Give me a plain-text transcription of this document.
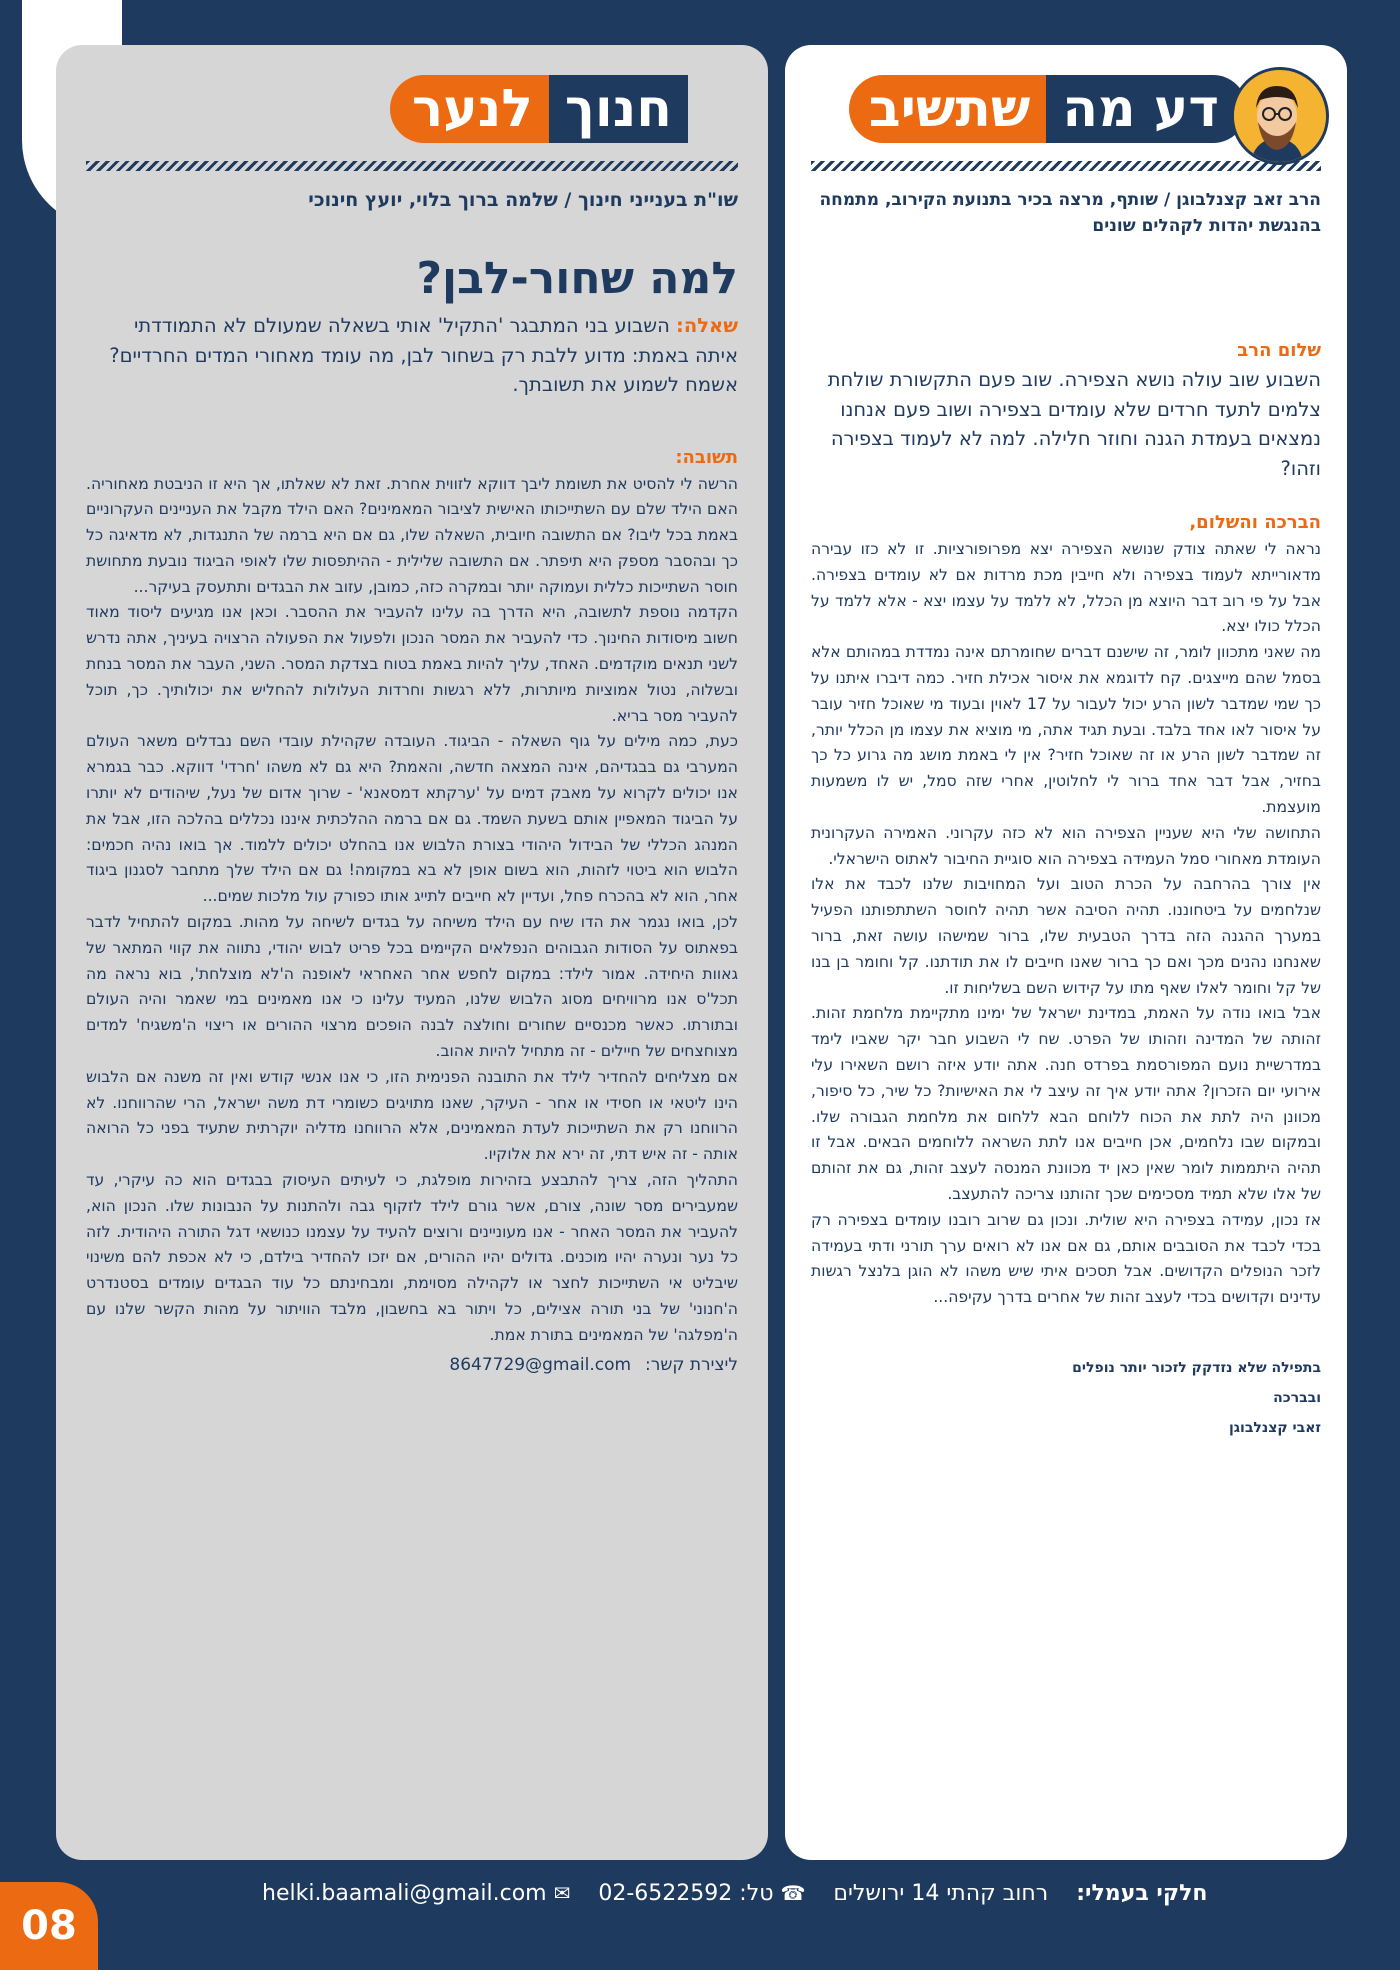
דע מה
שתשיב
הרב זאב קצנלבוגן / שותף, מרצה בכיר בתנועת הקירוב, מתמחה בהנגשת יהדות לקהלים שונים
שלום הרב
השבוע שוב עולה נושא הצפירה. שוב פעם התקשורת שולחת צלמים לתעד חרדים שלא עומדים בצפירה ושוב פעם אנחנו נמצאים בעמדת הגנה וחוזר חלילה. למה לא לעמוד בצפירה וזהו?
הברכה והשלום,

נראה לי שאתה צודק שנושא הצפירה יצא מפרופורציות. זו לא כזו עבירה מדאורייתא לעמוד בצפירה ולא חייבין מכת מרדות אם לא עומדים בצפירה. אבל על פי רוב דבר היוצא מן הכלל, לא ללמד על עצמו יצא - אלא ללמד על הכלל כולו יצא.

מה שאני מתכוון לומר, זה שישנם דברים שחומרתם אינה נמדדת במהותם אלא בסמל שהם מייצגים. קח לדוגמא את איסור אכילת חזיר. כמה דיברו איתנו על כך שמי שמדבר לשון הרע יכול לעבור על 17 לאוין ובעוד מי שאוכל חזיר עובר על איסור לאו אחד בלבד. ובעת תגיד אתה, מי מוציא את עצמו מן הכלל יותר, זה שמדבר לשון הרע או זה שאוכל חזיר? אין לי באמת מושג מה גרוע כל כך בחזיר, אבל דבר אחד ברור לי לחלוטין, אחרי שזה סמל, יש לו משמעות מועצמת.

התחושה שלי היא שעניין הצפירה הוא לא כזה עקרוני. האמירה העקרונית העומדת מאחורי סמל העמידה בצפירה הוא סוגיית החיבור לאתוס הישראלי.

אין צורך בהרחבה על הכרת הטוב ועל המחויבות שלנו לכבד את אלו שנלחמים על ביטחוננו. תהיה הסיבה אשר תהיה לחוסר השתתפותנו הפעיל במערך ההגנה הזה בדרך הטבעית שלו, ברור שמישהו עושה זאת, ברור שאנחנו נהנים מכך ואם כך ברור שאנו חייבים לו את תודתנו. קל וחומר בן בנו של קל וחומר לאלו שאף מתו על קידוש השם בשליחות זו.

אבל בואו נודה על האמת, במדינת ישראל של ימינו מתקיימת מלחמת זהות. זהותה של המדינה וזהותו של הפרט. שח לי השבוע חבר יקר שאביו לימד במדרשיית נועם המפורסמת בפרדס חנה. אתה יודע איזה רושם השאירו עלי אירועי יום הזכרון? אתה יודע איך זה עיצב לי את האישיות? כל שיר, כל סיפור, מכוונן היה לתת את הכוח ללוחם הבא ללחום את מלחמת הגבורה שלו. ובמקום שבו נלחמים, אכן חייבים אנו לתת השראה ללוחמים הבאים. אבל זו תהיה היתממות לומר שאין כאן יד מכוונת המנסה לעצב זהות, גם את זהותם של אלו שלא תמיד מסכימים שכך זהותנו צריכה להתעצב.

אז נכון, עמידה בצפירה היא שולית. ונכון גם שרוב רובנו עומדים בצפירה רק בכדי לכבד את הסובבים אותם, גם אם אנו לא רואים ערך תורני ודתי בעמידה לזכר הנופלים הקדושים. אבל תסכים איתי שיש משהו לא הוגן בלנצל רגשות עדינים וקדושים בכדי לעצב זהות של אחרים בדרך עקיפה...

בתפילה שלא נזדקק לזכור יותר נופלים
ובברכה
זאבי קצנלבוגן
חנוך
לנער
שו"ת בענייני חינוך / שלמה ברוך בלוי, יועץ חינוכי
למה שחור-לבן?
שאלה: השבוע בני המתבגר 'התקיל' אותי בשאלה שמעולם לא התמודדתי איתה באמת: מדוע ללבת רק בשחור לבן, מה עומד מאחורי המדים החרדיים? אשמח לשמוע את תשובתך.
תשובה:

הרשה לי להסיט את תשומת ליבך דווקא לזווית אחרת. זאת לא שאלתו, אך היא זו הניבטת מאחוריה. האם הילד שלם עם השתייכותו האישית לציבור המאמינים? האם הילד מקבל את העניינים העקרוניים באמת בכל ליבו? אם התשובה חיובית, השאלה שלו, גם אם היא ברמה של התנגדות, לא מדאיגה כל כך ובהסבר מספק היא תיפתר. אם התשובה שלילית - ההיתפסות שלו לאופי הביגוד נובעת מתחושת חוסר השתייכות כללית ועמוקה יותר ובמקרה כזה, כמובן, עזוב את הבגדים ותתעסק בעיקר...

הקדמה נוספת לתשובה, היא הדרך בה עלינו להעביר את ההסבר. וכאן אנו מגיעים ליסוד מאוד חשוב מיסודות החינוך. כדי להעביר את המסר הנכון ולפעול את הפעולה הרצויה בעיניך, אתה נדרש לשני תנאים מוקדמים. האחד, עליך להיות באמת בטוח בצדקת המסר. השני, העבר את המסר בנחת ובשלוה, נטול אמוציות מיותרות, ללא רגשות וחרדות העלולות להחליש את יכולותיך. כך, תוכל להעביר מסר בריא.

כעת, כמה מילים על גוף השאלה - הביגוד. העובדה שקהילת עובדי השם נבדלים משאר העולם המערבי גם בבגדיהם, אינה המצאה חדשה, והאמת? היא גם לא משהו 'חרדי' דווקא. כבר בגמרא אנו יכולים לקרוא על מאבק דמים על 'ערקתא דמסאנא' - שרוך אדום של נעל, שיהודים לא יותרו על הביגוד המאפיין אותם בשעת השמד. גם אם ברמה ההלכתית איננו נכללים בהלכה הזו, אבל את המנהג הכללי של הבידול היהודי בצורת הלבוש אנו בהחלט יכולים ללמוד. אך בואו נהיה חכמים: הלבוש הוא ביטוי לזהות, הוא בשום אופן לא בא במקומה! גם אם הילד שלך מתחבר לסגנון ביגוד אחר, הוא לא בהכרח פחל, ועדיין לא חייבים לתייג אותו כפורק עול מלכות שמים...

לכן, בואו נגמר את הדו שיח עם הילד משיחה על בגדים לשיחה על מהות. במקום להתחיל לדבר בפאתוס על הסודות הגבוהים הנפלאים הקיימים בכל פריט לבוש יהודי, נתווה את קווי המתאר של גאוות היחידה. אמור לילד: במקום לחפש אחר האחראי לאופנה ה'לא מוצלחת', בוא נראה מה תכל'ס אנו מרוויחים מסוג הלבוש שלנו, המעיד עלינו כי אנו מאמינים במי שאמר והיה העולם ובתורתו. כאשר מכנסיים שחורים וחולצה לבנה הופכים מרצוי ההורים או ריצוי ה'משגיח' למדים מצוחצחים של חיילים - זה מתחיל להיות אהוב.

אם מצליחים להחדיר לילד את התובנה הפנימית הזו, כי אנו אנשי קודש ואין זה משנה אם הלבוש הינו ליטאי או חסידי או אחר - העיקר, שאנו מתויגים כשומרי דת משה ישראל, הרי שהרווחנו. לא הרווחנו רק את השתייכות לעדת המאמינים, אלא הרווחנו מדליה יוקרתית שתעיד בפני כל הרואה אותה - זה איש דתי, זה ירא את אלוקיו.

התהליך הזה, צריך להתבצע בזהירות מופלגת, כי לעיתים העיסוק בבגדים הוא כה עיקרי, עד שמעבירים מסר שונה, צורם, אשר גורם לילד לזקוף גבה ולהתנות על הנבונות שלו. הנכון הוא, להעביר את המסר האחר - אנו מעוניינים ורוצים להעיד על עצמנו כנושאי דגל התורה היהודית. לזה כל נער ונערה יהיו מוכנים. גדולים יהיו ההורים, אם יזכו להחדיר בילדם, כי לא אכפת להם משינוי שיבליט אי השתייכות לחצר או לקהילה מסוימת, ומבחינתם כל עוד הבגדים עומדים בסטנדרט ה'חנוני' של בני תורה אצילים, כל ויתור בא בחשבון, מלבד הוויתור על מהות הקשר שלנו עם ה'מפלגה' של המאמינים בתורת אמת.

ליצירת קשר:
8647729@gmail.com
חלקי בעמלי:
רחוב קהתי 14 ירושלים
☎ טל: 02-6522592
✉ helki.baamali@gmail.com
08
